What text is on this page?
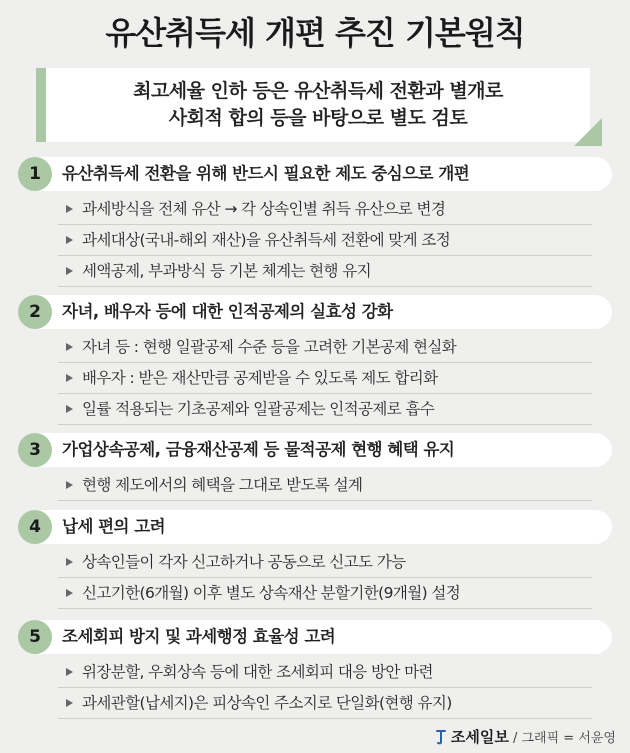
유산취득세 개편 추진 기본원칙
최고세율 인하 등은 유산취득세 전환과 별개로
사회적 합의 등을 바탕으로 별도 검토
1	유산취득세 전환을 위해 반드시 필요한 제도 중심으로 개편
과세방식을 전체 유산 → 각 상속인별 취득 유산으로 변경
과세대상(국내-해외 재산)을 유산취득세 전환에 맞게 조정
세액공제, 부과방식 등 기본 체계는 현행 유지
2	자녀, 배우자 등에 대한 인적공제의 실효성 강화
자녀 등 : 현행 일괄공제 수준 등을 고려한 기본공제 현실화
배우자 : 받은 재산만큼 공제받을 수 있도록 제도 합리화
일률 적용되는 기초공제와 일괄공제는 인적공제로 흡수
3	가업상속공제, 금융재산공제 등 물적공제 현행 혜택 유지
현행 제도에서의 혜택을 그대로 받도록 설계
4	납세 편의 고려
상속인들이 각자 신고하거나 공동으로 신고도 가능
신고기한(6개월) 이후 별도 상속재산 분할기한(9개월) 설정
5	조세회피 방지 및 과세행정 효율성 고려
위장분할, 우회상속 등에 대한 조세회피 대응 방안 마련
과세관할(납세지)은 피상속인 주소지로 단일화(현행 유지)
조세일보 / 그래픽 = 서윤영
